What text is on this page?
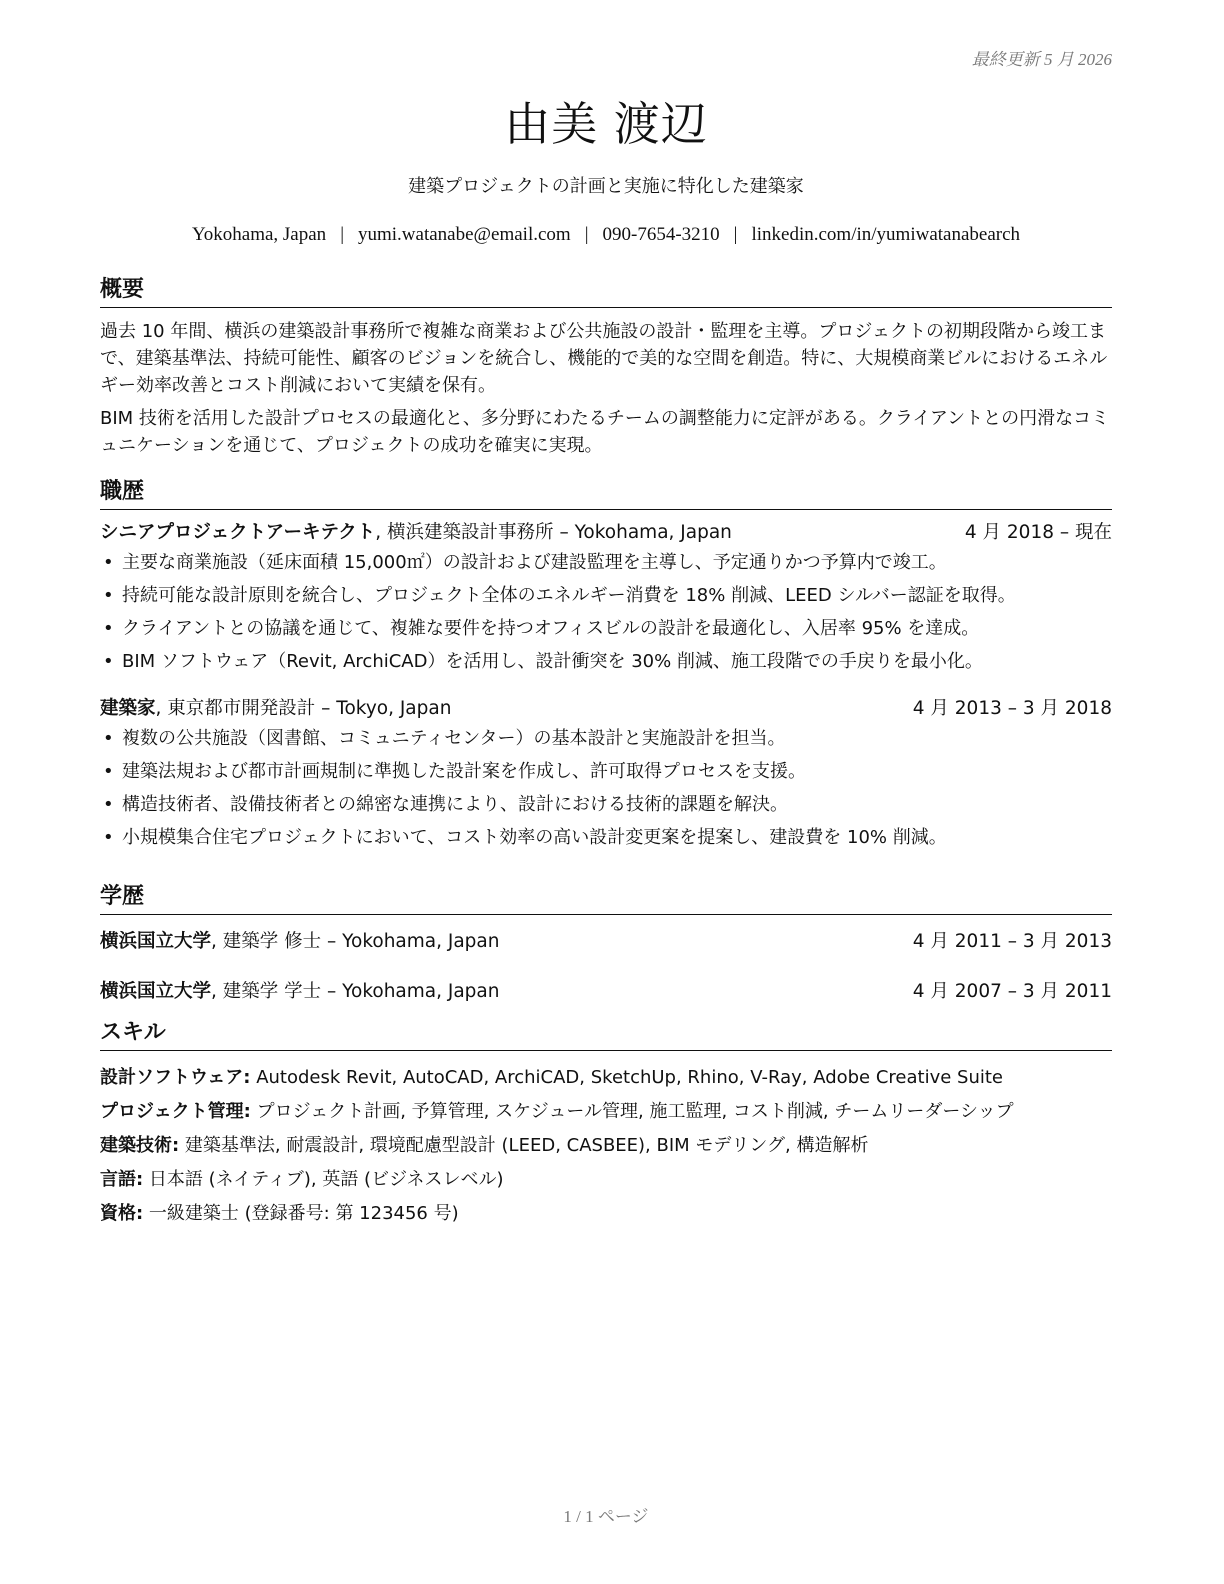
最終更新 5 月 2026
由美 渡辺
建築プロジェクトの計画と実施に特化した建築家
Yokohama, Japan | yumi.watanabe@email.com | 090-7654-3210 | linkedin.com/in/yumiwatanabearch
概要

過去 10 年間、横浜の建築設計事務所で複雑な商業および公共施設の設計・監理を主導。プロジェクトの初期段階から竣工まで、建築基準法、持続可能性、顧客のビジョンを統合し、機能的で美的な空間を創造。特に、大規模商業ビルにおけるエネルギー効率改善とコスト削減において実績を保有。

BIM 技術を活用した設計プロセスの最適化と、多分野にわたるチームの調整能力に定評がある。クライアントとの円滑なコミュニケーションを通じて、プロジェクトの成功を確実に実現。

職歴
シニアプロジェクトアーキテクト, 横浜建築設計事務所 – Yokohama, Japan	4 月 2018 – 現在
• 主要な商業施設（延床面積 15,000㎡）の設計および建設監理を主導し、予定通りかつ予算内で竣工。
• 持続可能な設計原則を統合し、プロジェクト全体のエネルギー消費を 18% 削減、LEED シルバー認証を取得。
• クライアントとの協議を通じて、複雑な要件を持つオフィスビルの設計を最適化し、入居率 95% を達成。
• BIM ソフトウェア（Revit, ArchiCAD）を活用し、設計衝突を 30% 削減、施工段階での手戻りを最小化。
建築家, 東京都市開発設計 – Tokyo, Japan	4 月 2013 – 3 月 2018
• 複数の公共施設（図書館、コミュニティセンター）の基本設計と実施設計を担当。
• 建築法規および都市計画規制に準拠した設計案を作成し、許可取得プロセスを支援。
• 構造技術者、設備技術者との綿密な連携により、設計における技術的課題を解決。
• 小規模集合住宅プロジェクトにおいて、コスト効率の高い設計変更案を提案し、建設費を 10% 削減。
学歴
横浜国立大学, 建築学 修士 – Yokohama, Japan	4 月 2011 – 3 月 2013
横浜国立大学, 建築学 学士 – Yokohama, Japan	4 月 2007 – 3 月 2011
スキル
設計ソフトウェア: Autodesk Revit, AutoCAD, ArchiCAD, SketchUp, Rhino, V-Ray, Adobe Creative Suite
プロジェクト管理: プロジェクト計画, 予算管理, スケジュール管理, 施工監理, コスト削減, チームリーダーシップ
建築技術: 建築基準法, 耐震設計, 環境配慮型設計 (LEED, CASBEE), BIM モデリング, 構造解析
言語: 日本語 (ネイティブ), 英語 (ビジネスレベル)
資格: 一級建築士 (登録番号: 第 123456 号)
1 / 1 ページ
